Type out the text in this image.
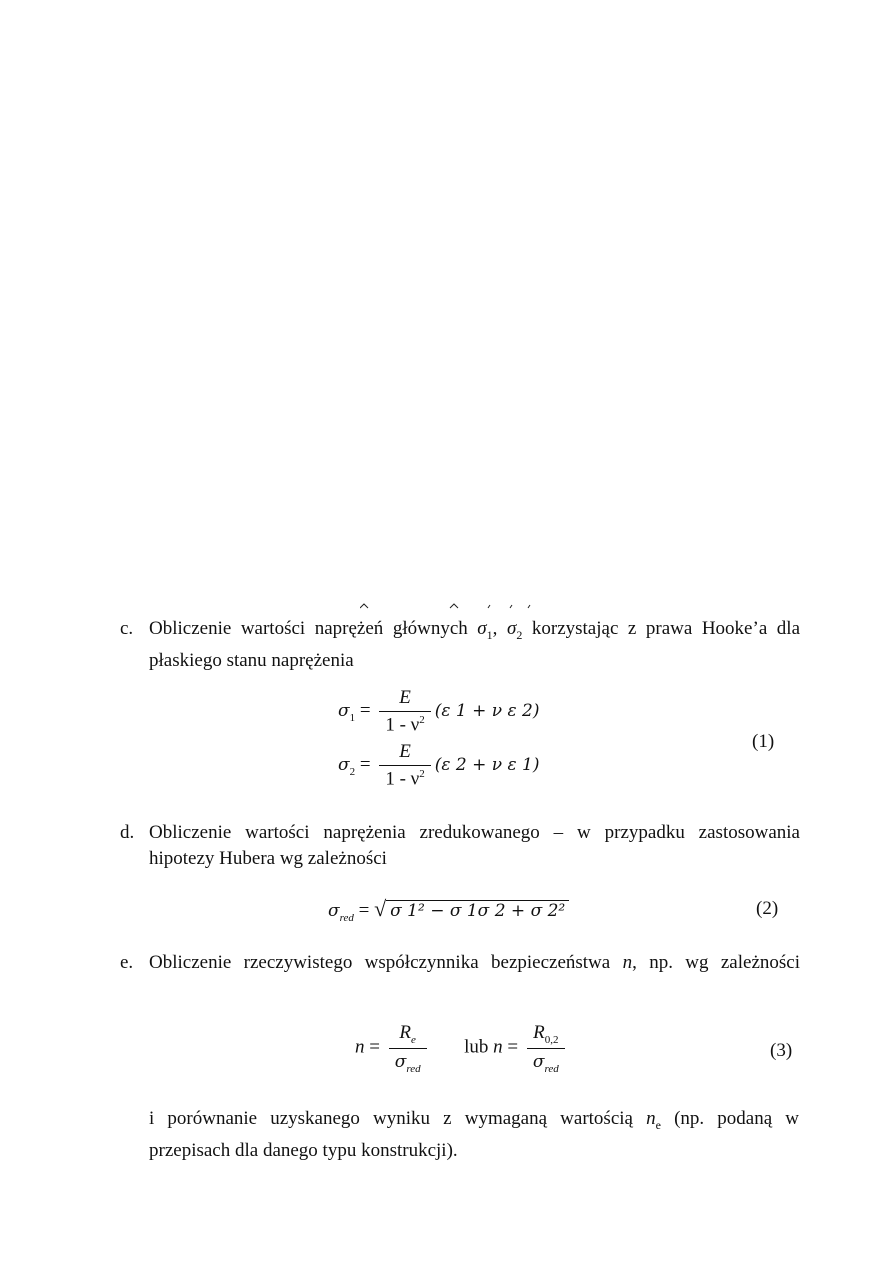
c. Obliczenie wartości naprężeń głównych $\sigma_1$, $\sigma_2$ korzystając z prawa Hooke’a dla
płaskiego stanu naprężenia
$\sigma_1 = \frac{E}{1 - \nu^2} (\varepsilon$ 1 + ν ε 2)
$\sigma_2 = \frac{E}{1 - \nu^2} (\varepsilon$ 2 + ν ε 1)
(1)
d. Obliczenie wartości naprężenia zredukowanego – w przypadku zastosowania
hipotezy Hubera wg zależności
$\sigma_{red}$ = √ σ 1² − σ 1σ 2 + σ 2²	(2)
e. Obliczenie rzeczywistego współczynnika bezpieczeństwa n, np. wg zależności
$n = \frac{R_e}{\sigma_{red}}$ lub $n = \frac{R_{0,2}}{\sigma_{red}}$	(3)
i porównanie uzyskanego wyniku z wymaganą wartością $n_e$ (np. podaną w
przepisach dla danego typu konstrukcji).
